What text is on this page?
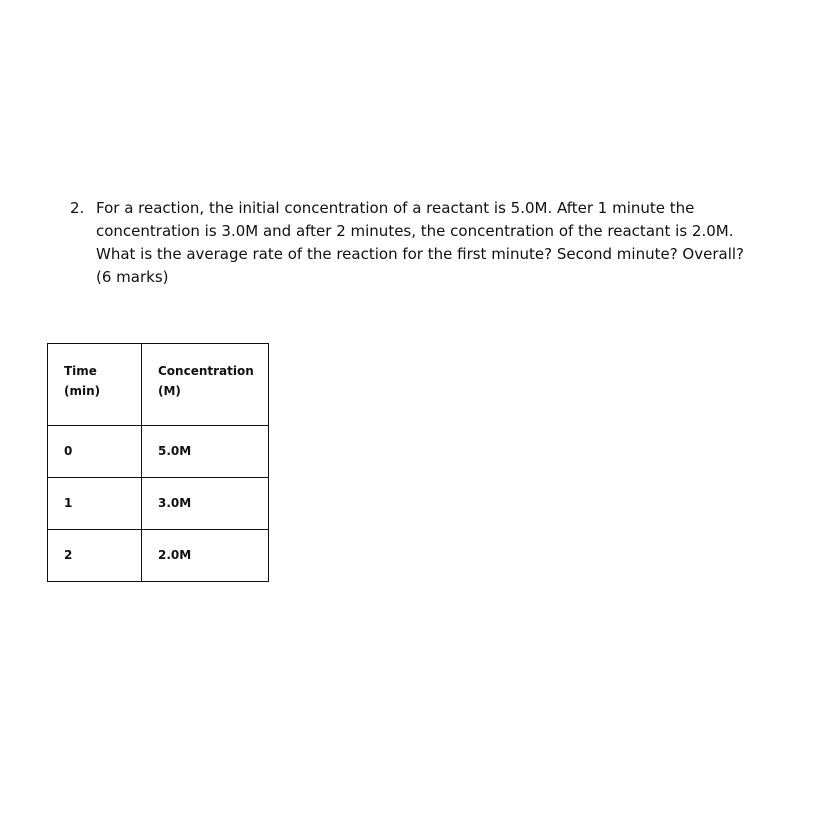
2. For a reaction, the initial concentration of a reactant is 5.0M. After 1 minute the concentration is 3.0M and after 2 minutes, the concentration of the reactant is 2.0M. What is the average rate of the reaction for the first minute? Second minute? Overall? (6 marks)

Time (min)	Concentration (M)
0	5.0M
1	3.0M
2	2.0M
